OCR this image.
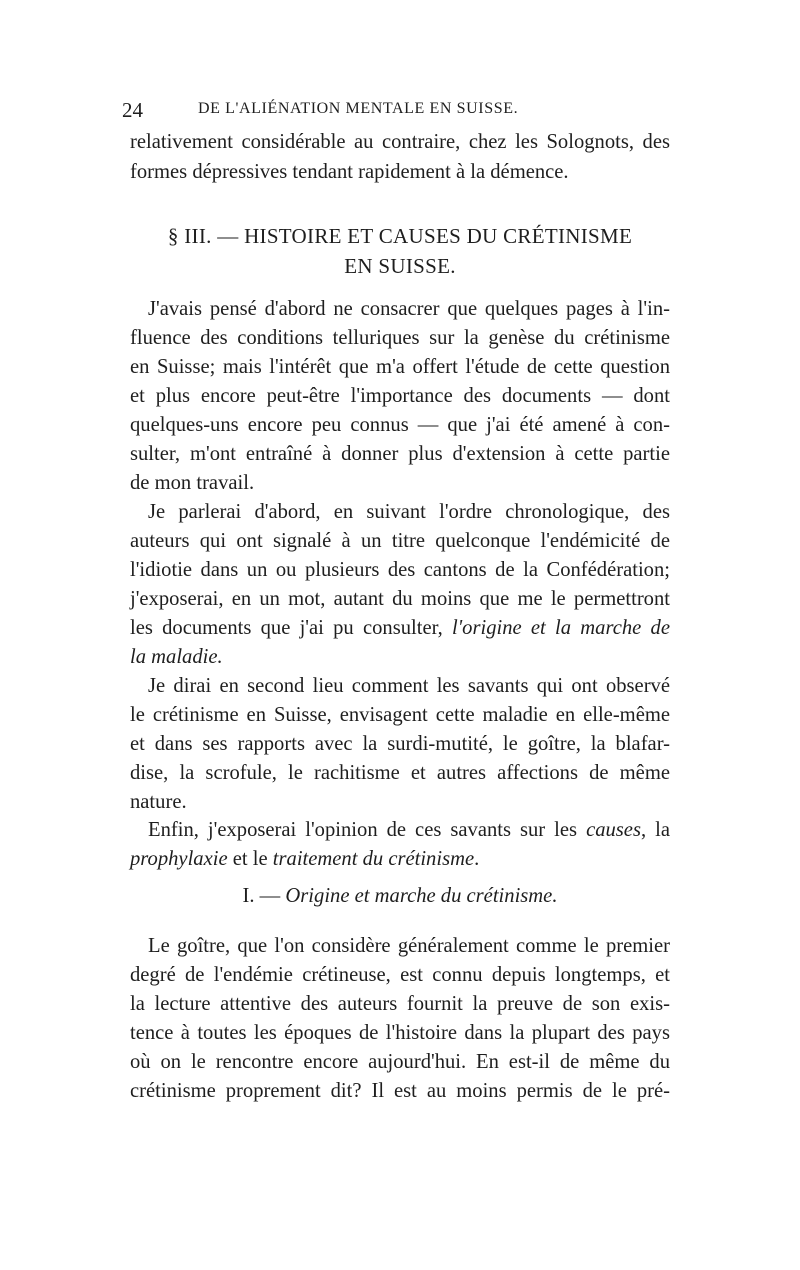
24	DE L'ALIÉNATION MENTALE EN SUISSE.
relativement considérable au contraire, chez les Solognots, des
formes dépressives tendant rapidement à la démence.
§ III. — HISTOIRE ET CAUSES DU CRÉTINISME
EN SUISSE.
J'avais pensé d'abord ne consacrer que quelques pages à l'in-
fluence des conditions telluriques sur la genèse du crétinisme
en Suisse; mais l'intérêt que m'a offert l'étude de cette question
et plus encore peut-être l'importance des documents — dont
quelques-uns encore peu connus — que j'ai été amené à con-
sulter, m'ont entraîné à donner plus d'extension à cette partie
de mon travail.
Je parlerai d'abord, en suivant l'ordre chronologique, des
auteurs qui ont signalé à un titre quelconque l'endémicité de
l'idiotie dans un ou plusieurs des cantons de la Confédération;
j'exposerai, en un mot, autant du moins que me le permettront
les documents que j'ai pu consulter, l'origine et la marche de
la maladie.
Je dirai en second lieu comment les savants qui ont observé
le crétinisme en Suisse, envisagent cette maladie en elle-même
et dans ses rapports avec la surdi-mutité, le goître, la blafar-
dise, la scrofule, le rachitisme et autres affections de même
nature.
Enfin, j'exposerai l'opinion de ces savants sur les causes, la
prophylaxie et le traitement du crétinisme.
I. — Origine et marche du crétinisme.
Le goître, que l'on considère généralement comme le premier
degré de l'endémie crétineuse, est connu depuis longtemps, et
la lecture attentive des auteurs fournit la preuve de son exis-
tence à toutes les époques de l'histoire dans la plupart des pays
où on le rencontre encore aujourd'hui. En est-il de même du
crétinisme proprement dit? Il est au moins permis de le pré-
